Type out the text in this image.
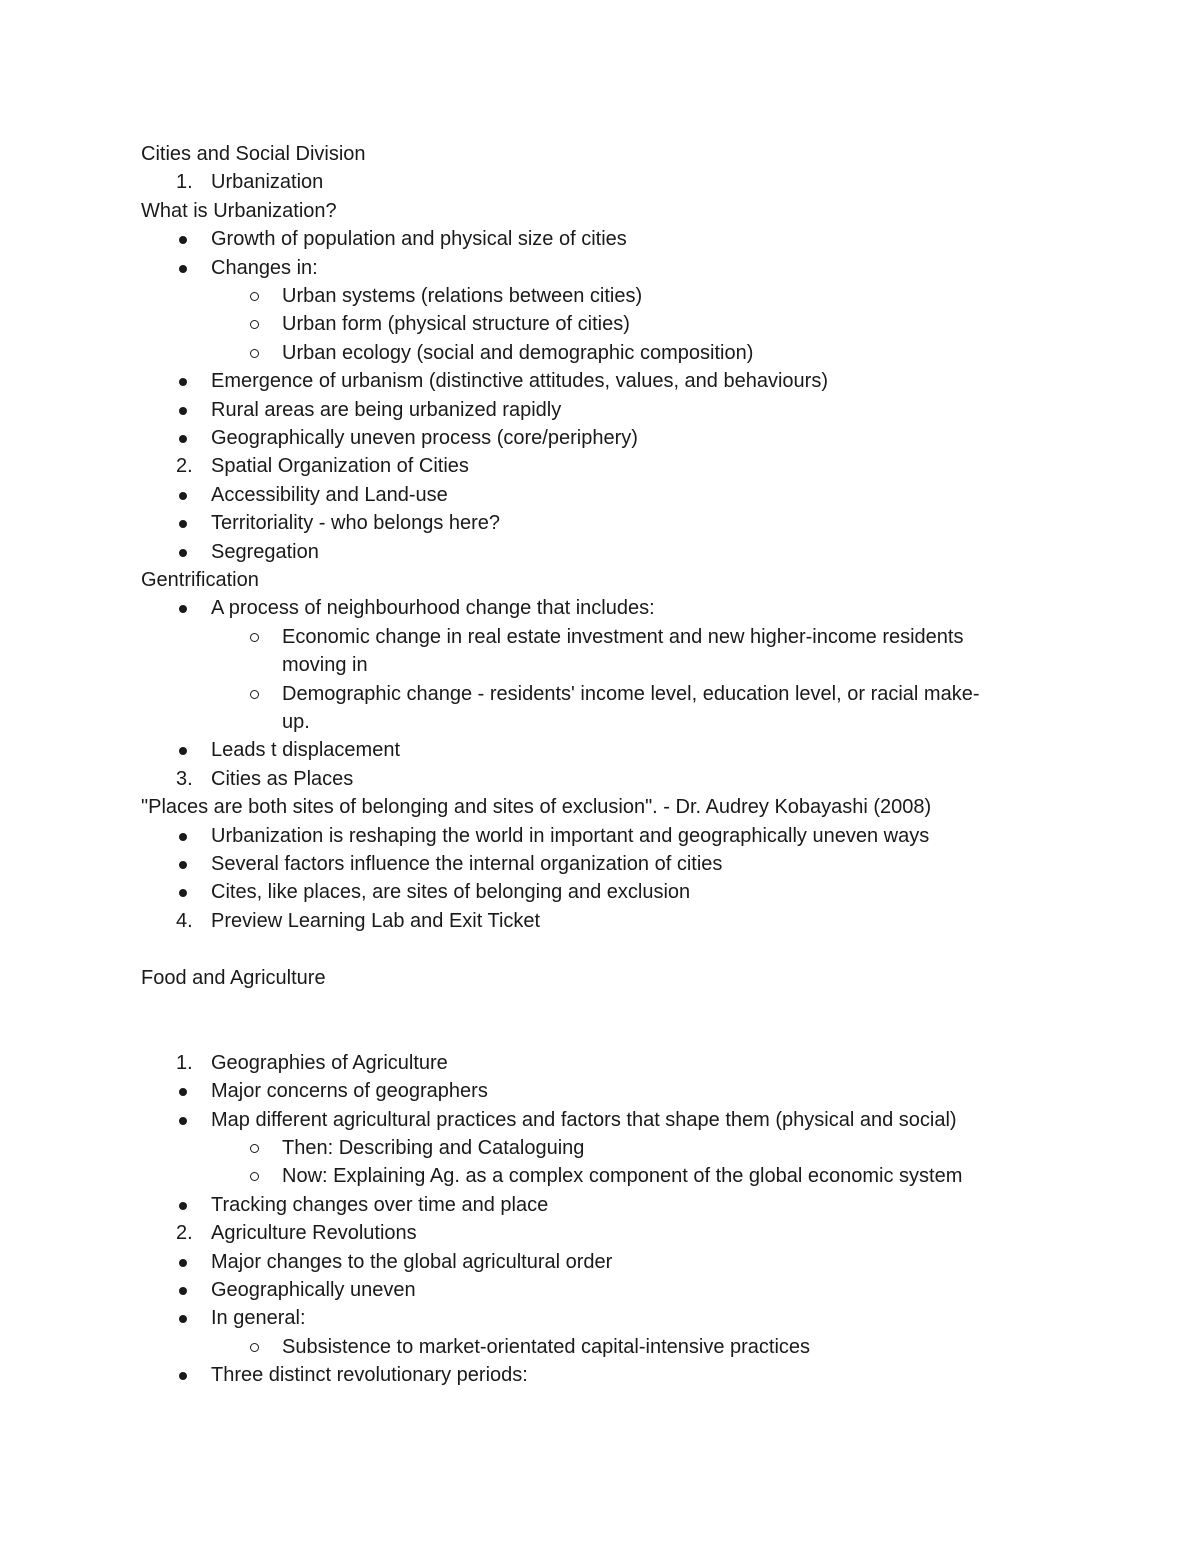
Cities and Social Division
1. Urbanization
What is Urbanization?
Growth of population and physical size of cities
Changes in:
Urban systems (relations between cities)
Urban form (physical structure of cities)
Urban ecology (social and demographic composition)
Emergence of urbanism (distinctive attitudes, values, and behaviours)
Rural areas are being urbanized rapidly
Geographically uneven process (core/periphery)
2. Spatial Organization of Cities
Accessibility and Land-use
Territoriality - who belongs here?
Segregation
Gentrification
A process of neighbourhood change that includes:
Economic change in real estate investment and new higher-income residents
moving in
Demographic change - residents' income level, education level, or racial make-
up.
Leads t displacement
3. Cities as Places
"Places are both sites of belonging and sites of exclusion". - Dr. Audrey Kobayashi (2008)
Urbanization is reshaping the world in important and geographically uneven ways
Several factors influence the internal organization of cities
Cites, like places, are sites of belonging and exclusion
4. Preview Learning Lab and Exit Ticket
Food and Agriculture
1. Geographies of Agriculture
Major concerns of geographers
Map different agricultural practices and factors that shape them (physical and social)
Then: Describing and Cataloguing
Now: Explaining Ag. as a complex component of the global economic system
Tracking changes over time and place
2. Agriculture Revolutions
Major changes to the global agricultural order
Geographically uneven
In general:
Subsistence to market-orientated capital-intensive practices
Three distinct revolutionary periods:
